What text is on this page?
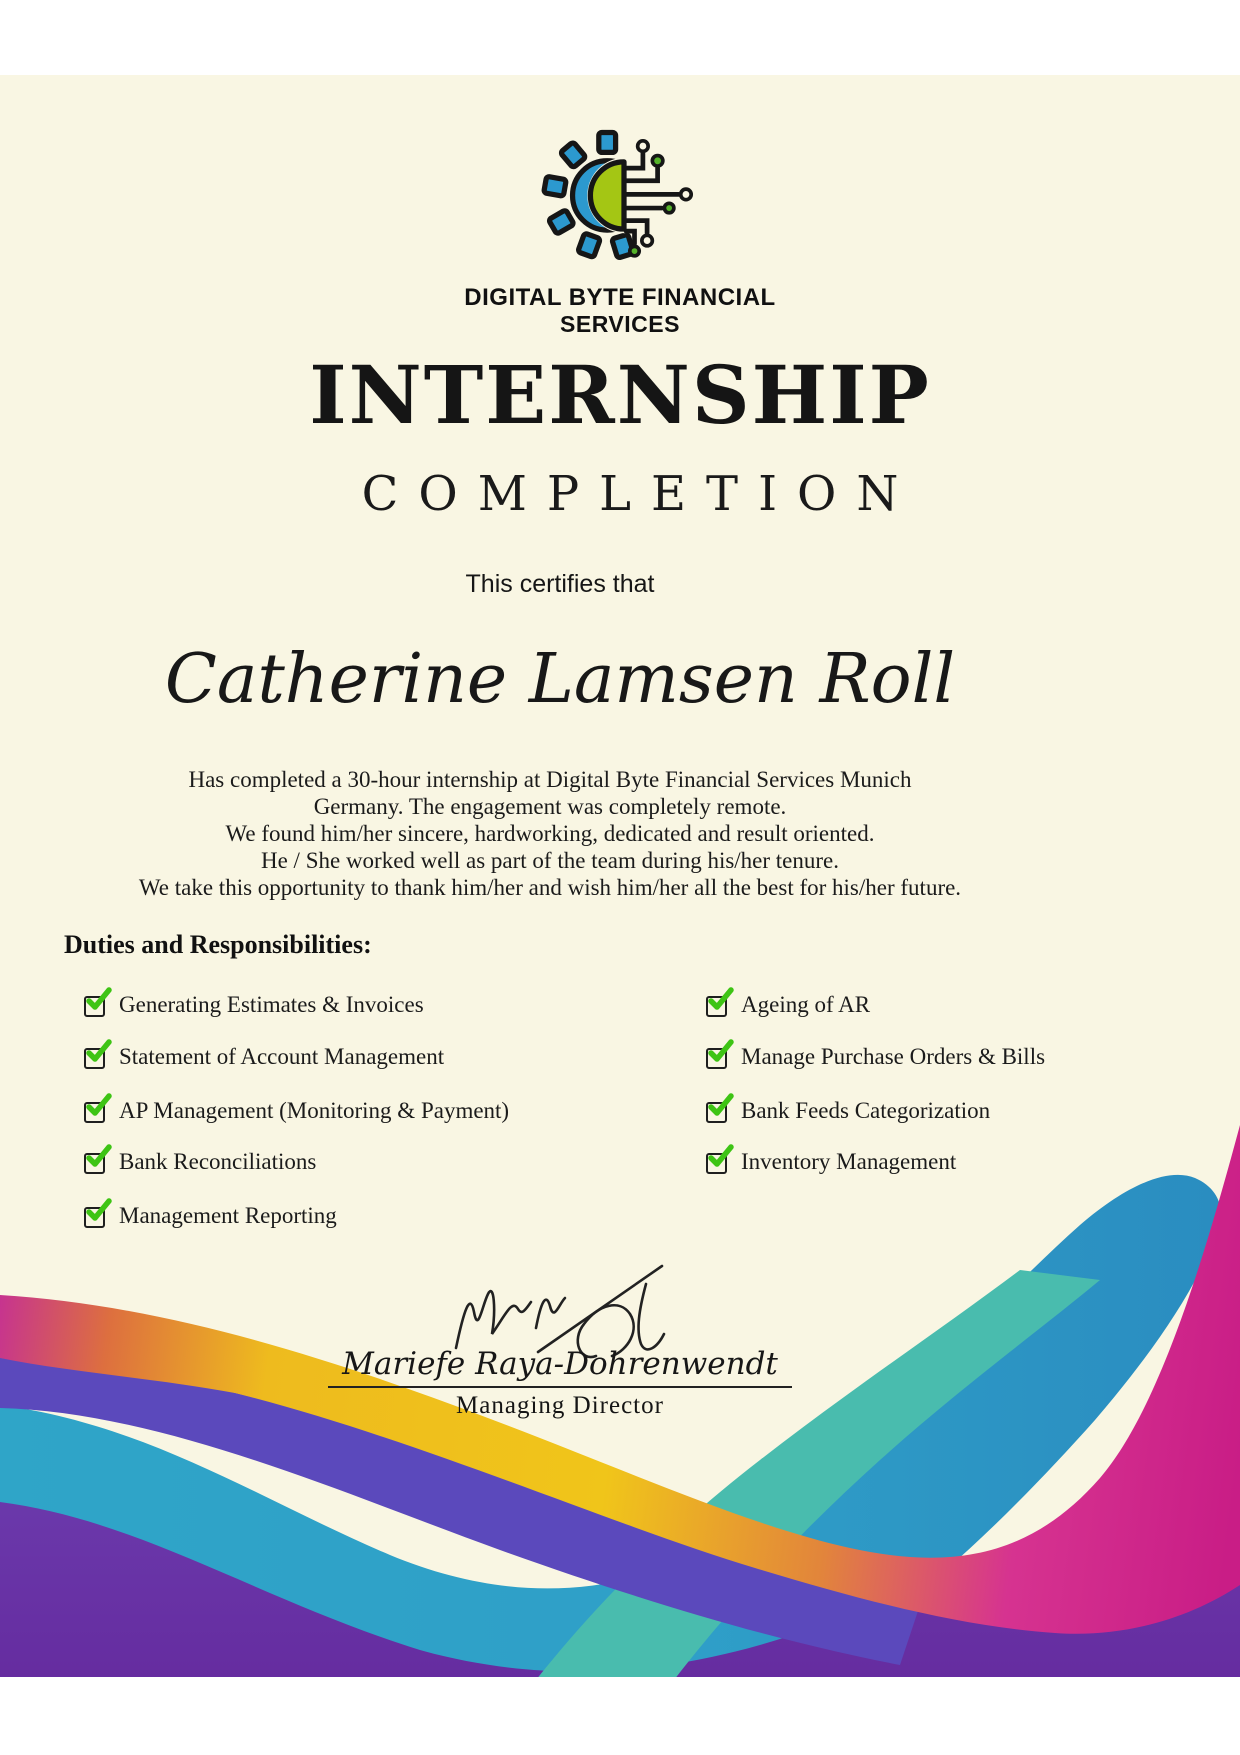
DIGITAL BYTE FINANCIAL
SERVICES
INTERNSHIP
COMPLETION
This certifies that
Catherine Lamsen Roll
Has completed a 30-hour internship at Digital Byte Financial Services Munich
Germany. The engagement was completely remote.
We found him/her sincere, hardworking, dedicated and result oriented.
He / She worked well as part of the team during his/her tenure.
We take this opportunity to thank him/her and wish him/her all the best for his/her future.
Duties and Responsibilities:
Generating Estimates & Invoices
Statement of Account Management
AP Management (Monitoring & Payment)
Bank Reconciliations
Management Reporting
Ageing of AR
Manage Purchase Orders & Bills
Bank Feeds Categorization
Inventory Management
Mariefe Raya-Dohrenwendt
Managing Director
